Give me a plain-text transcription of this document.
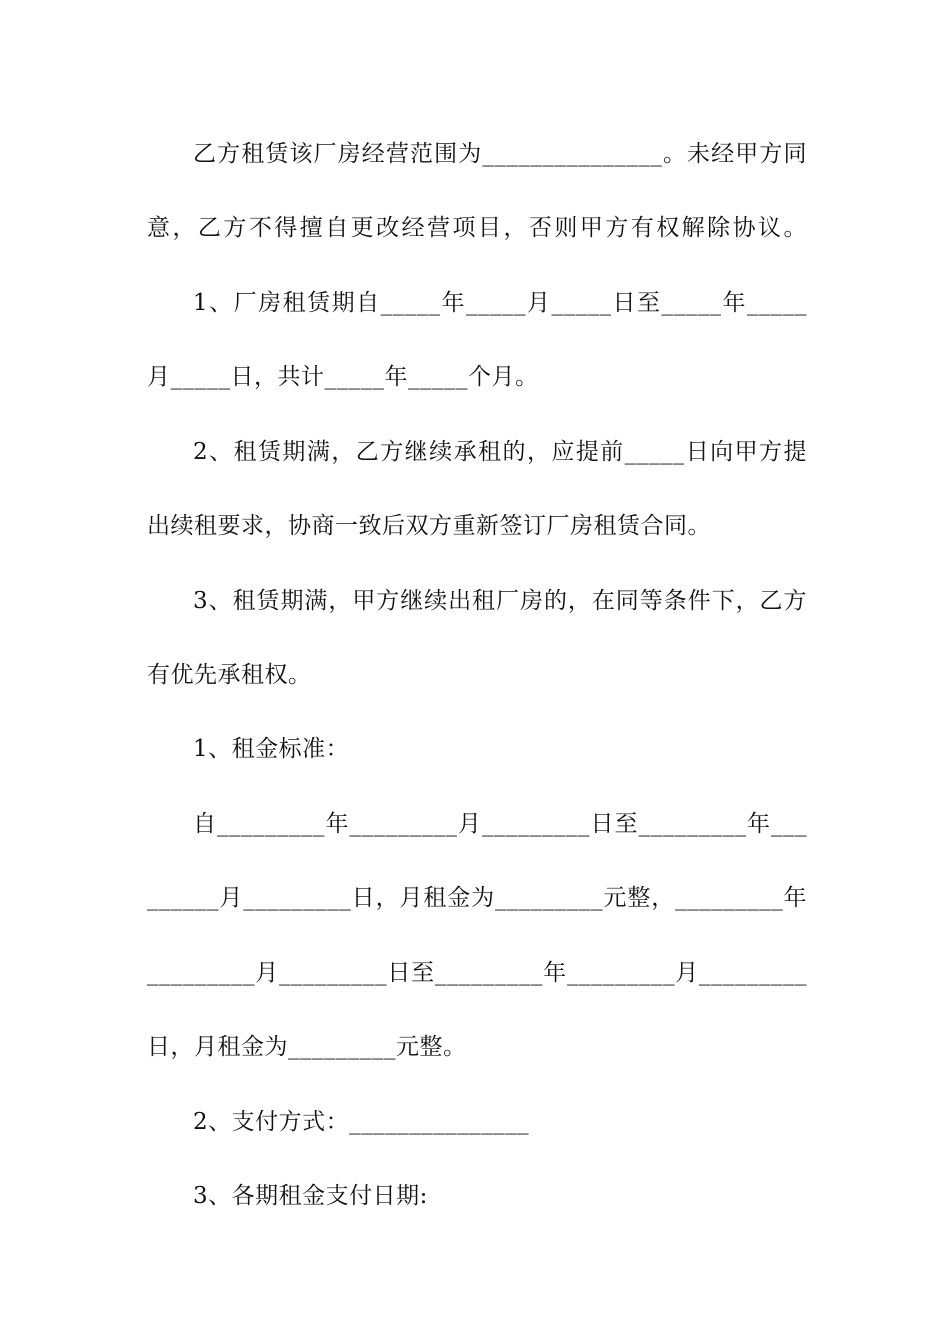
乙方租赁该厂房经营范围为_______________。未经甲方同
意，乙方不得擅自更改经营项目，否则甲方有权解除协议。
1、厂房租赁期自_____年_____月_____日至_____年_____
月_____日，共计_____年_____个月。
2、租赁期满，乙方继续承租的，应提前_____日向甲方提
出续租要求，协商一致后双方重新签订厂房租赁合同。
3、租赁期满，甲方继续出租厂房的，在同等条件下，乙方
有优先承租权。
1、租金标准：
自_________年_________月_________日至_________年___
______月_________日，月租金为_________元整，_________年
_________月_________日至_________年_________月_________
日，月租金为_________元整。
2、支付方式：_______________
3、各期租金支付日期:
